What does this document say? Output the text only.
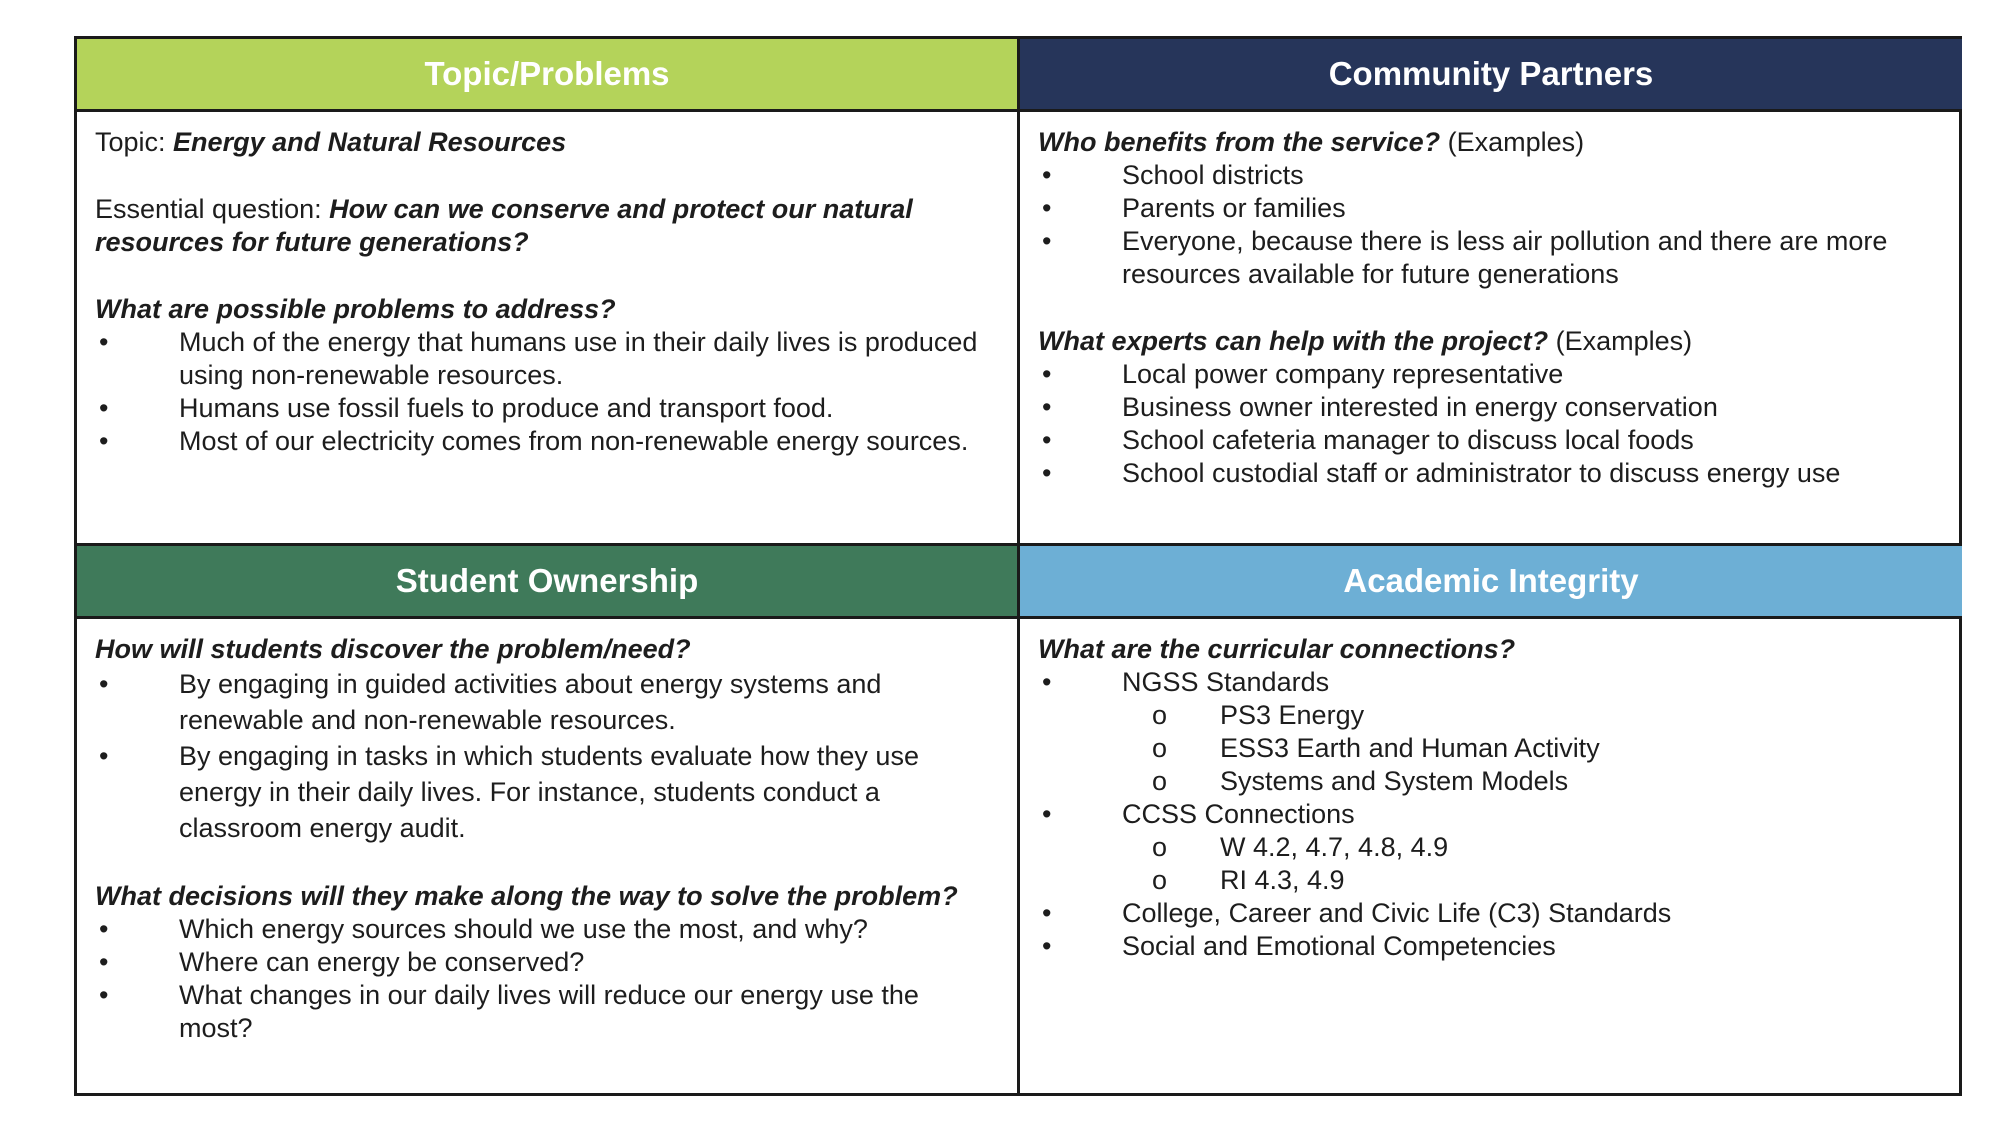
Topic/Problems	Community Partners

Topic: Energy and Natural Resources

Essential question: How can we conserve and protect our natural resources for future generations?

What are possible problems to address?
• Much of the energy that humans use in their daily lives is produced using non-renewable resources.
• Humans use fossil fuels to produce and transport food.
• Most of our electricity comes from non-renewable energy sources.
Who benefits from the service? (Examples)
• School districts
• Parents or families
• Everyone, because there is less air pollution and there are more resources available for future generations
What experts can help with the project? (Examples)
• Local power company representative
• Business owner interested in energy conservation
• School cafeteria manager to discuss local foods
• School custodial staff or administrator to discuss energy use
Student Ownership	Academic Integrity
How will students discover the problem/need?
• By engaging in guided activities about energy systems and renewable and non-renewable resources.
• By engaging in tasks in which students evaluate how they use energy in their daily lives. For instance, students conduct a classroom energy audit.
What decisions will they make along the way to solve the problem?
• Which energy sources should we use the most, and why?
• Where can energy be conserved?
• What changes in our daily lives will reduce our energy use the most?
What are the curricular connections?
• NGSS Standards
o PS3 Energy
o ESS3 Earth and Human Activity
o Systems and System Models
• CCSS Connections
o W 4.2, 4.7, 4.8, 4.9
o RI 4.3, 4.9
• College, Career and Civic Life (C3) Standards
• Social and Emotional Competencies
